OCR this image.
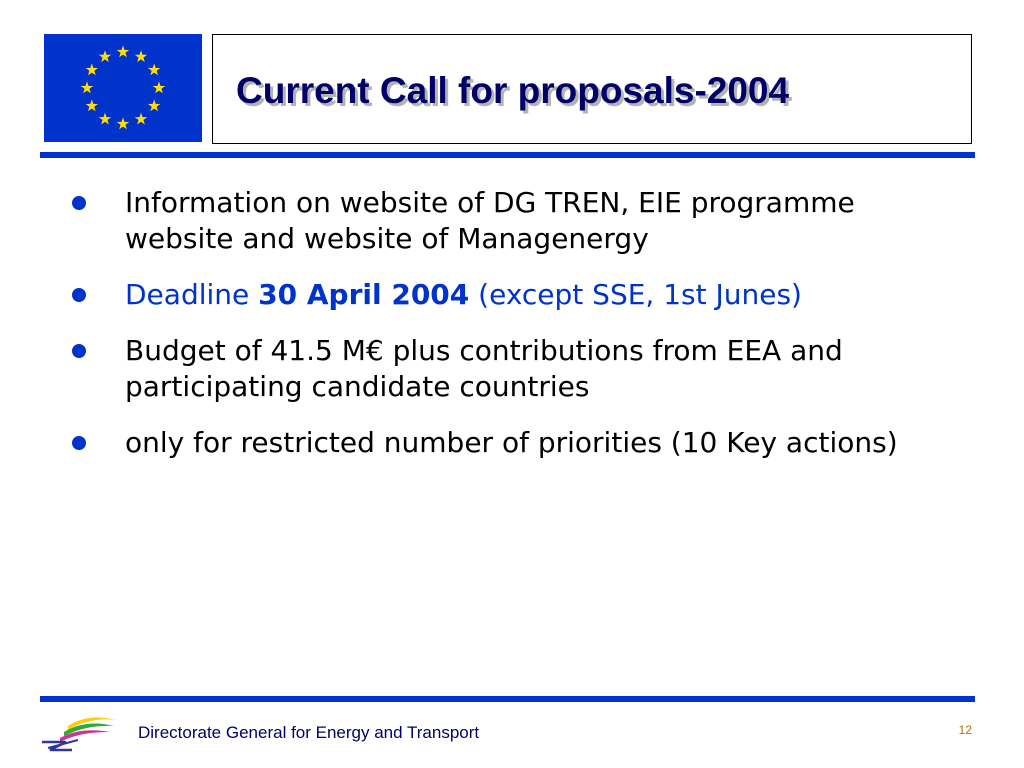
Current Call for proposals-2004
Information on website of DG TREN, EIE programme website and website of Managenergy
Deadline 30 April 2004 (except SSE, 1st Junes)
Budget of 41.5 M€ plus contributions from EEA and participating candidate countries
only for restricted number of priorities (10 Key actions)
Directorate General for Energy and Transport	12
